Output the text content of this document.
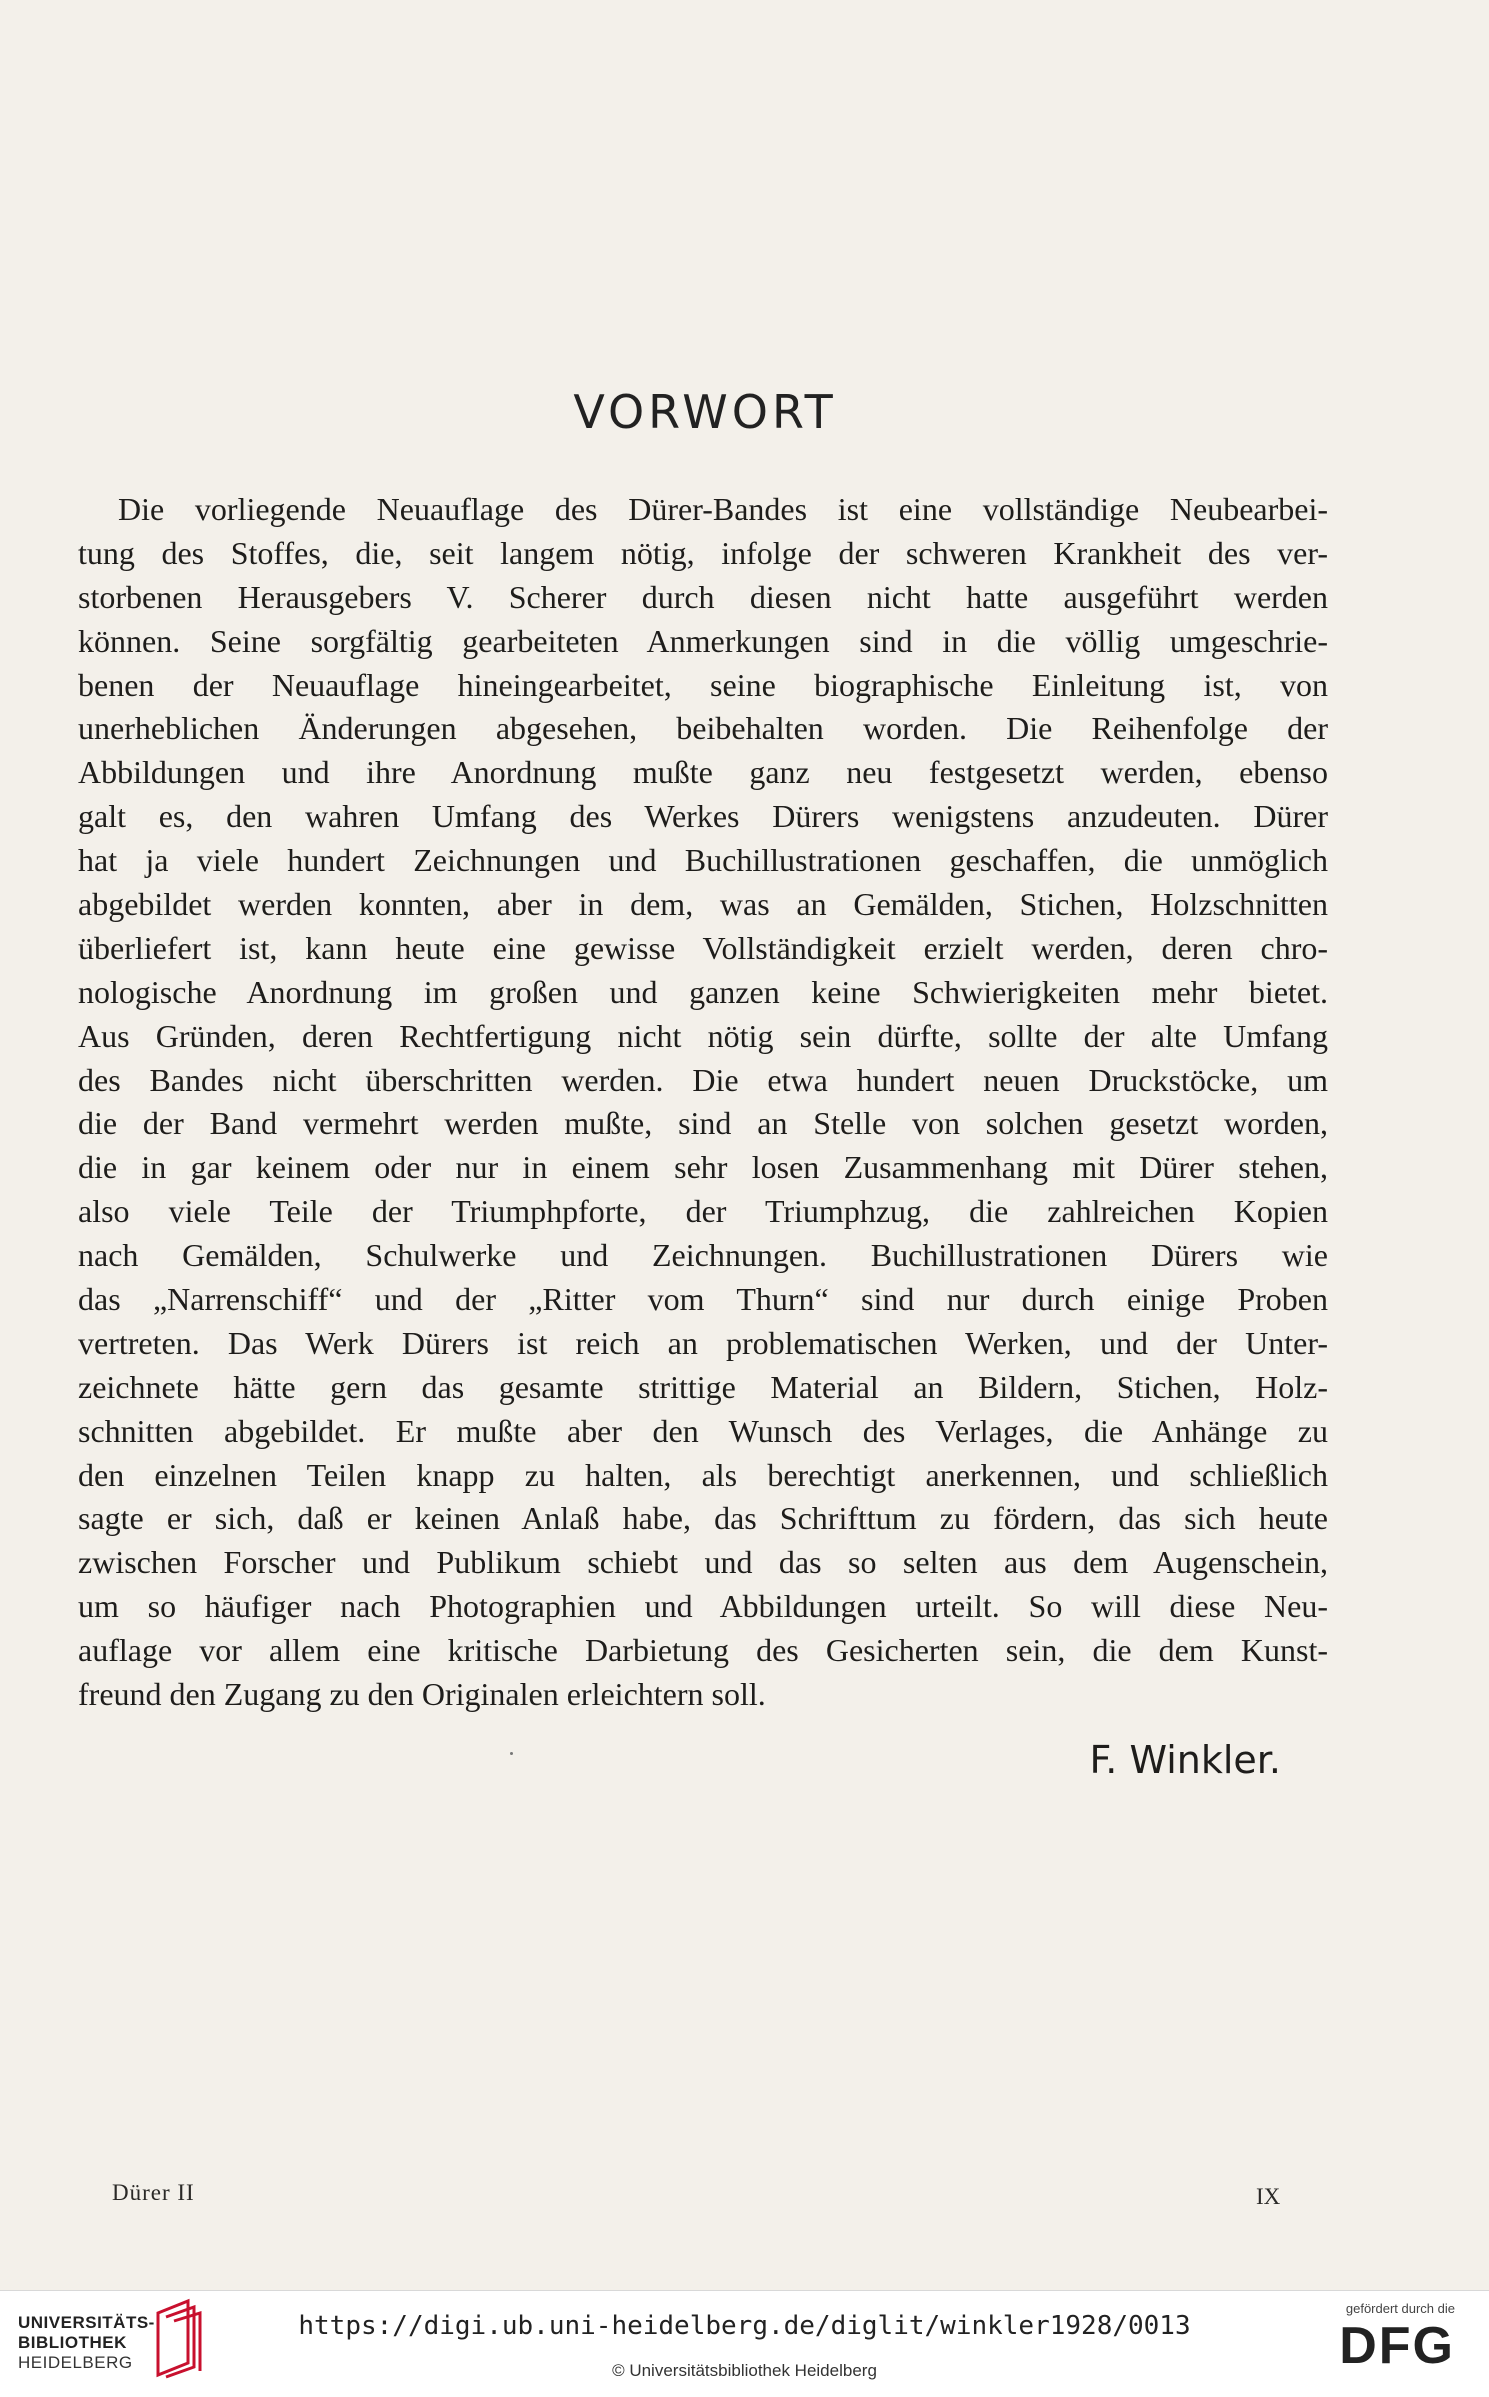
VORWORT
Die vorliegende Neuauflage des Dürer-Bandes ist eine vollständige Neubearbei-
tung des Stoffes, die, seit langem nötig, infolge der schweren Krankheit des ver-
storbenen Herausgebers V. Scherer durch diesen nicht hatte ausgeführt werden
können. Seine sorgfältig gearbeiteten Anmerkungen sind in die völlig umgeschrie-
benen der Neuauflage hineingearbeitet, seine biographische Einleitung ist, von
unerheblichen Änderungen abgesehen, beibehalten worden. Die Reihenfolge der
Abbildungen und ihre Anordnung mußte ganz neu festgesetzt werden, ebenso
galt es, den wahren Umfang des Werkes Dürers wenigstens anzudeuten. Dürer
hat ja viele hundert Zeichnungen und Buchillustrationen geschaffen, die unmöglich
abgebildet werden konnten, aber in dem, was an Gemälden, Stichen, Holzschnitten
überliefert ist, kann heute eine gewisse Vollständigkeit erzielt werden, deren chro-
nologische Anordnung im großen und ganzen keine Schwierigkeiten mehr bietet.
Aus Gründen, deren Rechtfertigung nicht nötig sein dürfte, sollte der alte Umfang
des Bandes nicht überschritten werden. Die etwa hundert neuen Druckstöcke, um
die der Band vermehrt werden mußte, sind an Stelle von solchen gesetzt worden,
die in gar keinem oder nur in einem sehr losen Zusammenhang mit Dürer stehen,
also viele Teile der Triumphpforte, der Triumphzug, die zahlreichen Kopien
nach Gemälden, Schulwerke und Zeichnungen. Buchillustrationen Dürers wie
das „Narrenschiff“ und der „Ritter vom Thurn“ sind nur durch einige Proben
vertreten. Das Werk Dürers ist reich an problematischen Werken, und der Unter-
zeichnete hätte gern das gesamte strittige Material an Bildern, Stichen, Holz-
schnitten abgebildet. Er mußte aber den Wunsch des Verlages, die Anhänge zu
den einzelnen Teilen knapp zu halten, als berechtigt anerkennen, und schließlich
sagte er sich, daß er keinen Anlaß habe, das Schrifttum zu fördern, das sich heute
zwischen Forscher und Publikum schiebt und das so selten aus dem Augenschein,
um so häufiger nach Photographien und Abbildungen urteilt. So will diese Neu-
auflage vor allem eine kritische Darbietung des Gesicherten sein, die dem Kunst-
freund den Zugang zu den Originalen erleichtern soll.
F. Winkler.
Dürer II	IX
UNIVERSITÄTS-
BIBLIOTHEK
HEIDELBERG
https://digi.ub.uni-heidelberg.de/diglit/winkler1928/0013
© Universitätsbibliothek Heidelberg
gefördert durch die
DFG
